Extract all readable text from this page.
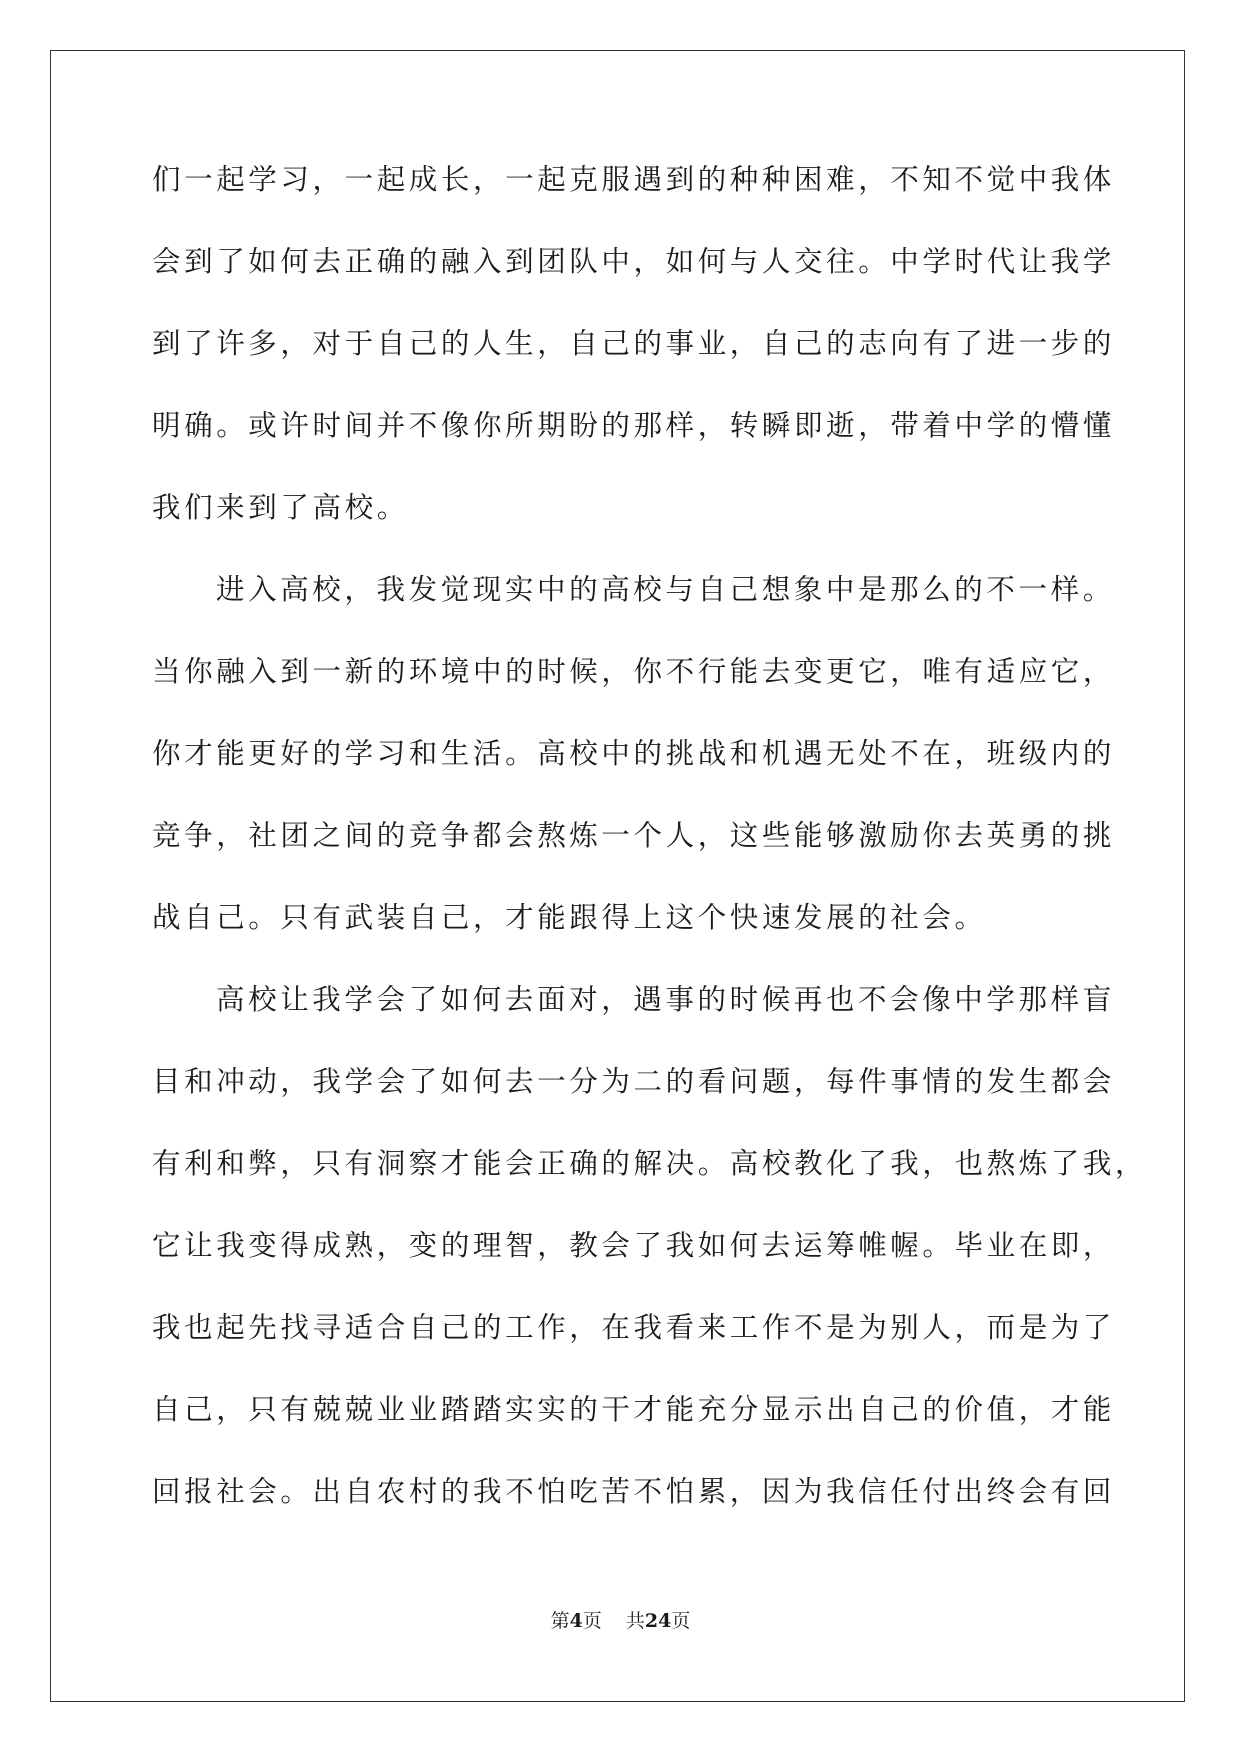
们一起学习，一起成长，一起克服遇到的种种困难，不知不觉中我体
会到了如何去正确的融入到团队中，如何与人交往。中学时代让我学
到了许多，对于自己的人生，自己的事业，自己的志向有了进一步的
明确。或许时间并不像你所期盼的那样，转瞬即逝，带着中学的懵懂
我们来到了高校。
进入高校，我发觉现实中的高校与自己想象中是那么的不一样。
当你融入到一新的环境中的时候，你不行能去变更它，唯有适应它，
你才能更好的学习和生活。高校中的挑战和机遇无处不在，班级内的
竞争，社团之间的竞争都会熬炼一个人，这些能够激励你去英勇的挑
战自己。只有武装自己，才能跟得上这个快速发展的社会。
高校让我学会了如何去面对，遇事的时候再也不会像中学那样盲
目和冲动，我学会了如何去一分为二的看问题，每件事情的发生都会
有利和弊，只有洞察才能会正确的解决。高校教化了我，也熬炼了我，
它让我变得成熟，变的理智，教会了我如何去运筹帷幄。毕业在即，
我也起先找寻适合自己的工作，在我看来工作不是为别人，而是为了
自己，只有兢兢业业踏踏实实的干才能充分显示出自己的价值，才能
回报社会。出自农村的我不怕吃苦不怕累，因为我信任付出终会有回
第4页 共24页
